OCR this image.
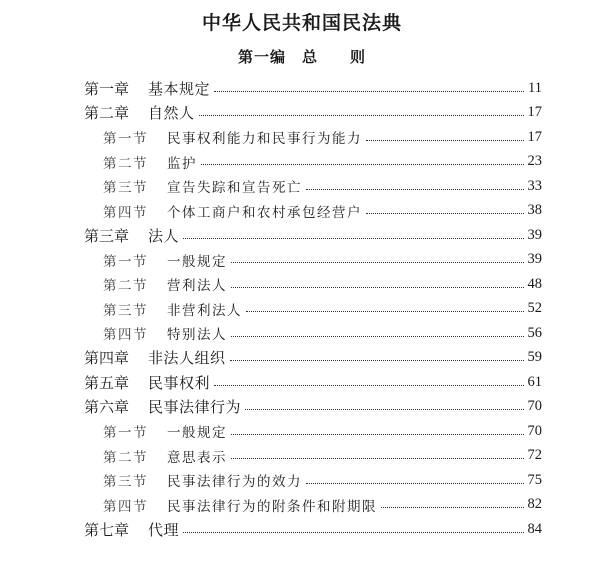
中华人民共和国民法典
第一编　总　　则
第一章	基本规定	11
第二章	自然人	17
第一节	民事权利能力和民事行为能力	17
第二节	监护	23
第三节	宣告失踪和宣告死亡	33
第四节	个体工商户和农村承包经营户	38
第三章	法人	39
第一节	一般规定	39
第二节	营利法人	48
第三节	非营利法人	52
第四节	特别法人	56
第四章	非法人组织	59
第五章	民事权利	61
第六章	民事法律行为	70
第一节	一般规定	70
第二节	意思表示	72
第三节	民事法律行为的效力	75
第四节	民事法律行为的附条件和附期限	82
第七章	代理	84
